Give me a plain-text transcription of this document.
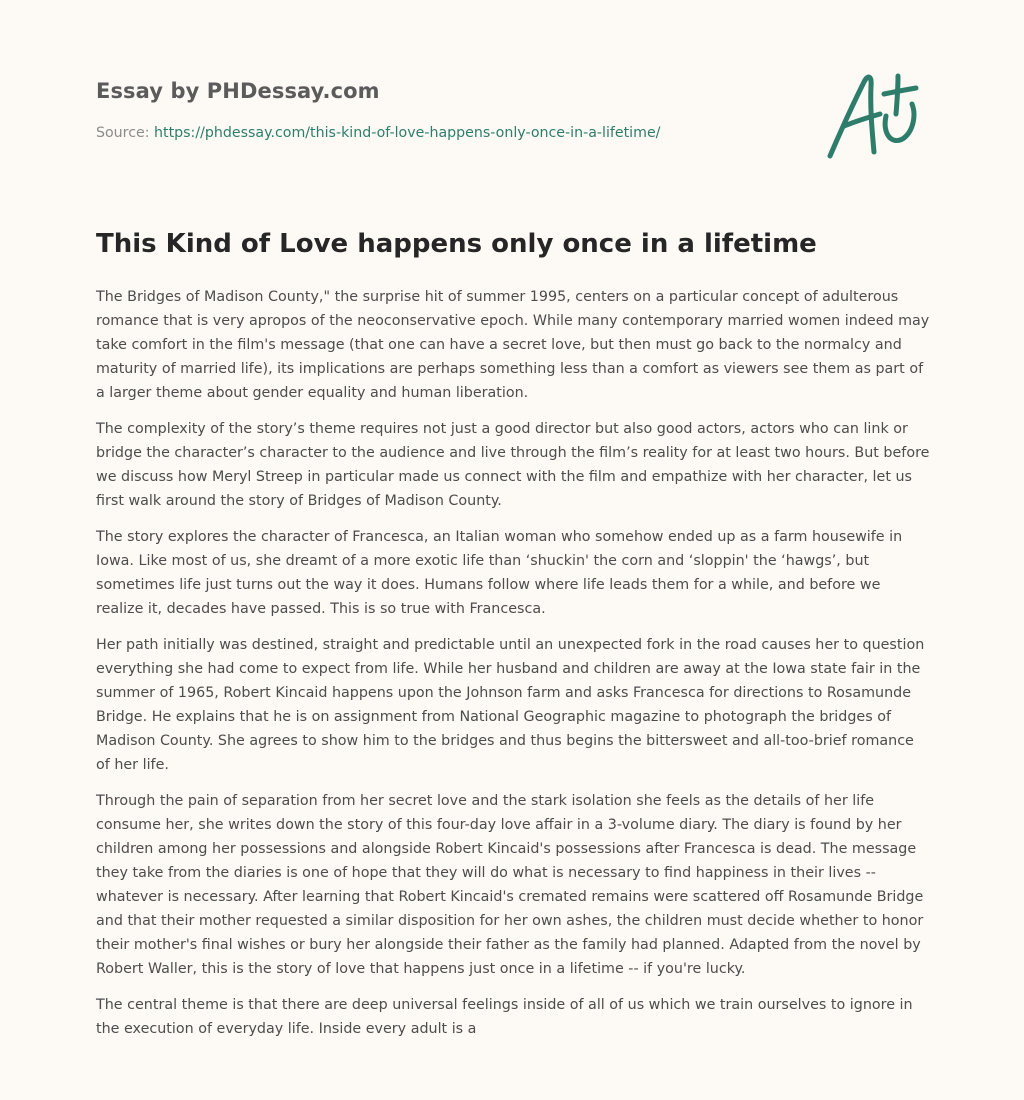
Essay by PHDessay.com
Source: https://phdessay.com/this-kind-of-love-happens-only-once-in-a-lifetime/
This Kind of Love happens only once in a lifetime

The Bridges of Madison County," the surprise hit of summer 1995, centers on a particular concept of adulterous romance that is very apropos of the neoconservative epoch. While many contemporary married women indeed may take comfort in the film's message (that one can have a secret love, but then must go back to the normalcy and maturity of married life), its implications are perhaps something less than a comfort as viewers see them as part of a larger theme about gender equality and human liberation.

The complexity of the story’s theme requires not just a good director but also good actors, actors who can link or bridge the character’s character to the audience and live through the film’s reality for at least two hours. But before we discuss how Meryl Streep in particular made us connect with the film and empathize with her character, let us first walk around the story of Bridges of Madison County.

The story explores the character of Francesca, an Italian woman who somehow ended up as a farm housewife in Iowa. Like most of us, she dreamt of a more exotic life than ‘shuckin' the corn and ‘sloppin' the ‘hawgs’, but sometimes life just turns out the way it does. Humans follow where life leads them for a while, and before we realize it, decades have passed. This is so true with Francesca.

Her path initially was destined, straight and predictable until an unexpected fork in the road causes her to question everything she had come to expect from life. While her husband and children are away at the Iowa state fair in the summer of 1965, Robert Kincaid happens upon the Johnson farm and asks Francesca for directions to Rosamunde Bridge. He explains that he is on assignment from National Geographic magazine to photograph the bridges of Madison County. She agrees to show him to the bridges and thus begins the bittersweet and all-too-brief romance of her life.

Through the pain of separation from her secret love and the stark isolation she feels as the details of her life consume her, she writes down the story of this four-day love affair in a 3-volume diary. The diary is found by her children among her possessions and alongside Robert Kincaid's possessions after Francesca is dead. The message they take from the diaries is one of hope that they will do what is necessary to find happiness in their lives -- whatever is necessary. After learning that Robert Kincaid's cremated remains were scattered off Rosamunde Bridge and that their mother requested a similar disposition for her own ashes, the children must decide whether to honor their mother's final wishes or bury her alongside their father as the family had planned. Adapted from the novel by Robert Waller, this is the story of love that happens just once in a lifetime -- if you're lucky.

The central theme is that there are deep universal feelings inside of all of us which we train ourselves to ignore in the execution of everyday life. Inside every adult is a
